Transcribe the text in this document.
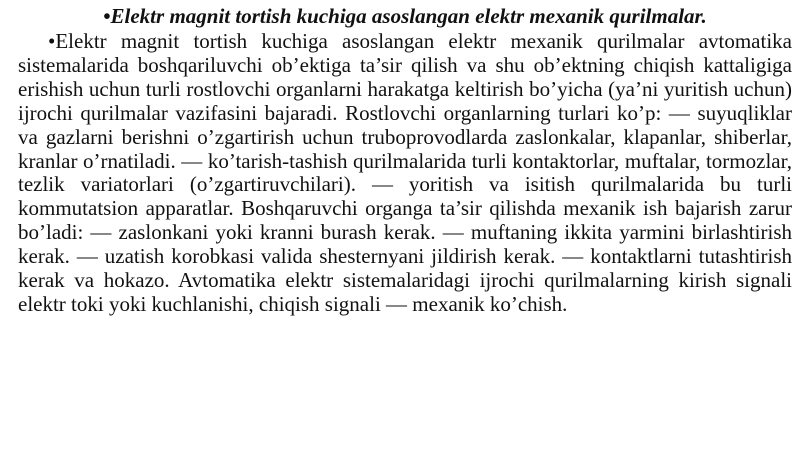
•Elektr magnit tortish kuchiga asoslangan elektr mexanik qurilmalar.

•Elektr magnit tortish kuchiga asoslangan elektr mexanik qurilmalar avtomatika sistemalarida boshqariluvchi ob’ektiga ta’sir qilish va shu ob’ektning chiqish kattaligiga erishish uchun turli rostlovchi organlarni harakatga keltirish bo’yicha (ya’ni yuritish uchun) ijrochi qurilmalar vazifasini bajaradi. Rostlovchi organlarning turlari ko’p: — suyuqliklar va gazlarni berishni o’zgartirish uchun truboprovodlarda zaslonkalar, klapanlar, shiberlar, kranlar o’rnatiladi. — ko’tarish-tashish qurilmalarida turli kontaktorlar, muftalar, tormozlar, tezlik variatorlari (o’zgartiruvchilari). — yoritish va isitish qurilmalarida bu turli kommutatsion apparatlar. Boshqaruvchi organga ta’sir qilishda mexanik ish bajarish zarur bo’ladi: — zaslonkani yoki kranni burash kerak. — muftaning ikkita yarmini birlashtirish kerak. — uzatish korobkasi valida shesternyani jildirish kerak. — kontaktlarni tutashtirish kerak va hokazo. Avtomatika elektr sistemalaridagi ijrochi qurilmalarning kirish signali elektr toki yoki kuchlanishi, chiqish signali — mexanik ko’chish.
